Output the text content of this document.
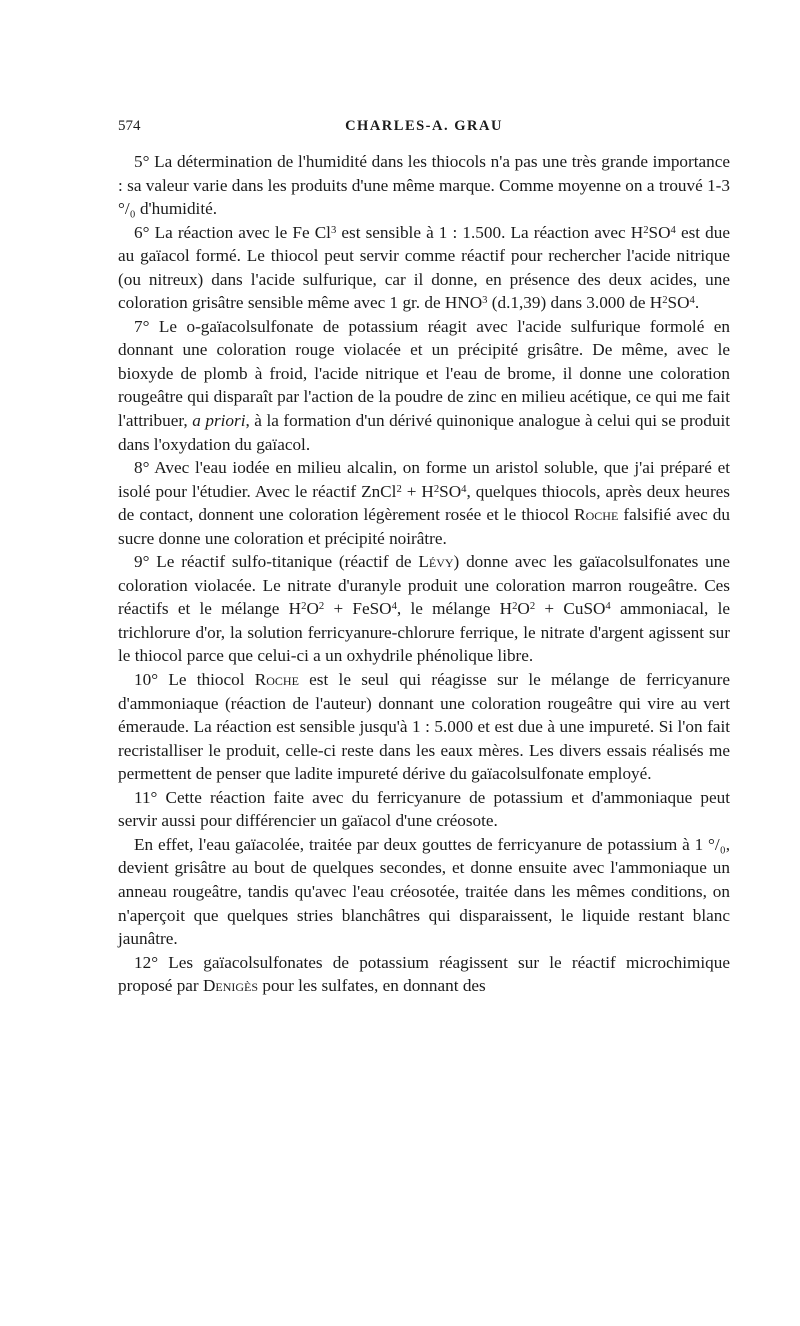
574	CHARLES-A. GRAU

5° La détermination de l'humidité dans les thiocols n'a pas une très grande importance : sa valeur varie dans les produits d'une même marque. Comme moyenne on a trouvé 1-3 °/₀ d'humidité.

6° La réaction avec le Fe Cl$^3$ est sensible à 1 : 1.500. La réaction avec $H^2SO^4$ est due au gaïacol formé. Le thiocol peut servir comme réactif pour rechercher l'acide nitrique (ou nitreux) dans l'acide sulfurique, car il donne, en présence des deux acides, une coloration grisâtre sensible même avec 1 gr. de HNO$^3$ (d.1,39) dans 3.000 de $H^2SO^4$.

7° Le o-gaïacolsulfonate de potassium réagit avec l'acide sulfurique formolé en donnant une coloration rouge violacée et un précipité grisâtre. De même, avec le bioxyde de plomb à froid, l'acide nitrique et l'eau de brome, il donne une coloration rougeâtre qui disparaît par l'action de la poudre de zinc en milieu acétique, ce qui me fait l'attribuer, a priori, à la formation d'un dérivé quinonique analogue à celui qui se produit dans l'oxydation du gaïacol.

8° Avec l'eau iodée en milieu alcalin, on forme un aristol soluble, que j'ai préparé et isolé pour l'étudier. Avec le réactif ZnCl$^2$ + $H^2SO^4$, quelques thiocols, après deux heures de contact, donnent une coloration légèrement rosée et le thiocol Roche falsifié avec du sucre donne une coloration et précipité noirâtre.

9° Le réactif sulfo-titanique (réactif de Lévy) donne avec les gaïacolsulfonates une coloration violacée. Le nitrate d'uranyle produit une coloration marron rougeâtre. Ces réactifs et le mélange $H^2O^2$ + FeSO$^4$, le mélange $H^2O^2$ + CuSO$^4$ ammoniacal, le trichlorure d'or, la solution ferricyanure-chlorure ferrique, le nitrate d'argent agissent sur le thiocol parce que celui-ci a un oxhydrile phénolique libre.

10° Le thiocol Roche est le seul qui réagisse sur le mélange de ferricyanure d'ammoniaque (réaction de l'auteur) donnant une coloration rougeâtre qui vire au vert émeraude. La réaction est sensible jusqu'à 1 : 5.000 et est due à une impureté. Si l'on fait recristalliser le produit, celle-ci reste dans les eaux mères. Les divers essais réalisés me permettent de penser que ladite impureté dérive du gaïacolsulfonate employé.

11° Cette réaction faite avec du ferricyanure de potassium et d'ammoniaque peut servir aussi pour différencier un gaïacol d'une créosote.

En effet, l'eau gaïacolée, traitée par deux gouttes de ferricyanure de potassium à 1 °/₀, devient grisâtre au bout de quelques secondes, et donne ensuite avec l'ammoniaque un anneau rougeâtre, tandis qu'avec l'eau créosotée, traitée dans les mêmes conditions, on n'aperçoit que quelques stries blanchâtres qui disparaissent, le liquide restant blanc jaunâtre.

12° Les gaïacolsulfonates de potassium réagissent sur le réactif microchimique proposé par Denigès pour les sulfates, en donnant des
